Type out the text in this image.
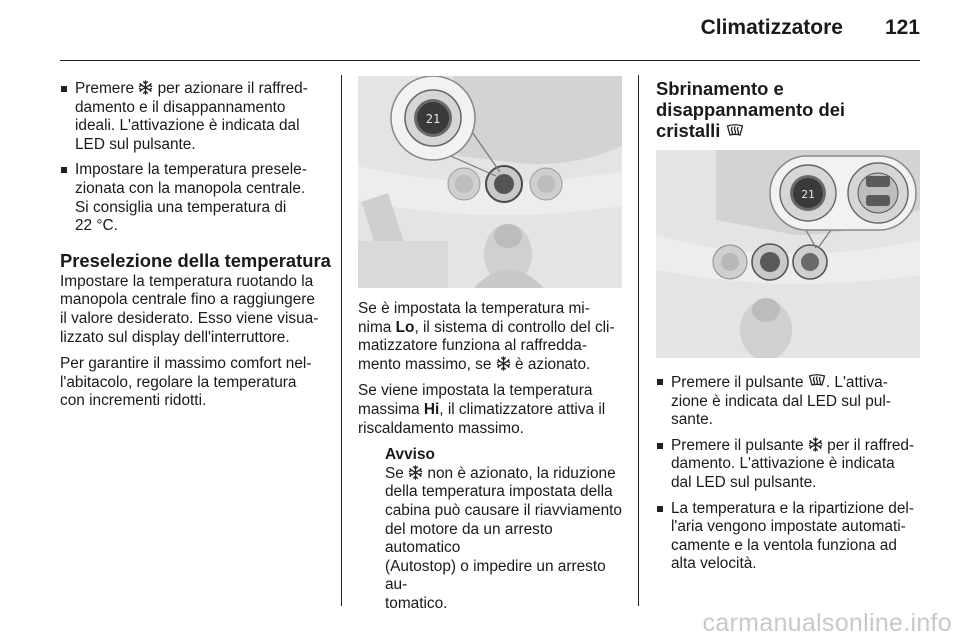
Climatizzatore 121
Premere  per azionare il raffred-
damento e il disappannamento
ideali. L'attivazione è indicata dal
LED sul pulsante.
Impostare la temperatura presele-
zionata con la manopola centrale.
Si consiglia una temperatura di
22 °C.
Preselezione della temperatura

Impostare la temperatura ruotando la
manopola centrale fino a raggiungere
il valore desiderato. Esso viene visua-
lizzato sul display dell'interruttore.

Per garantire il massimo comfort nel-
l'abitacolo, regolare la temperatura
con incrementi ridotti.

21

Se è impostata la temperatura mi-
nima Lo, il sistema di controllo del cli-
matizzatore funziona al raffredda-
mento massimo, se  è azionato.

Se viene impostata la temperatura
massima Hi, il climatizzatore attiva il
riscaldamento massimo.

Avviso
Se  non è azionato, la riduzione
della temperatura impostata della
cabina può causare il riavviamento
del motore da un arresto automatico
(Autostop) o impedire un arresto au-
tomatico.
Sbrinamento e
disappannamento dei
cristalli
21
Premere il pulsante . L'attiva-
zione è indicata dal LED sul pul-
sante.
Premere il pulsante  per il raffred-
damento. L'attivazione è indicata
dal LED sul pulsante.
La temperatura e la ripartizione del-
l'aria vengono impostate automati-
camente e la ventola funziona ad
alta velocità.
carmanualsonline.info
